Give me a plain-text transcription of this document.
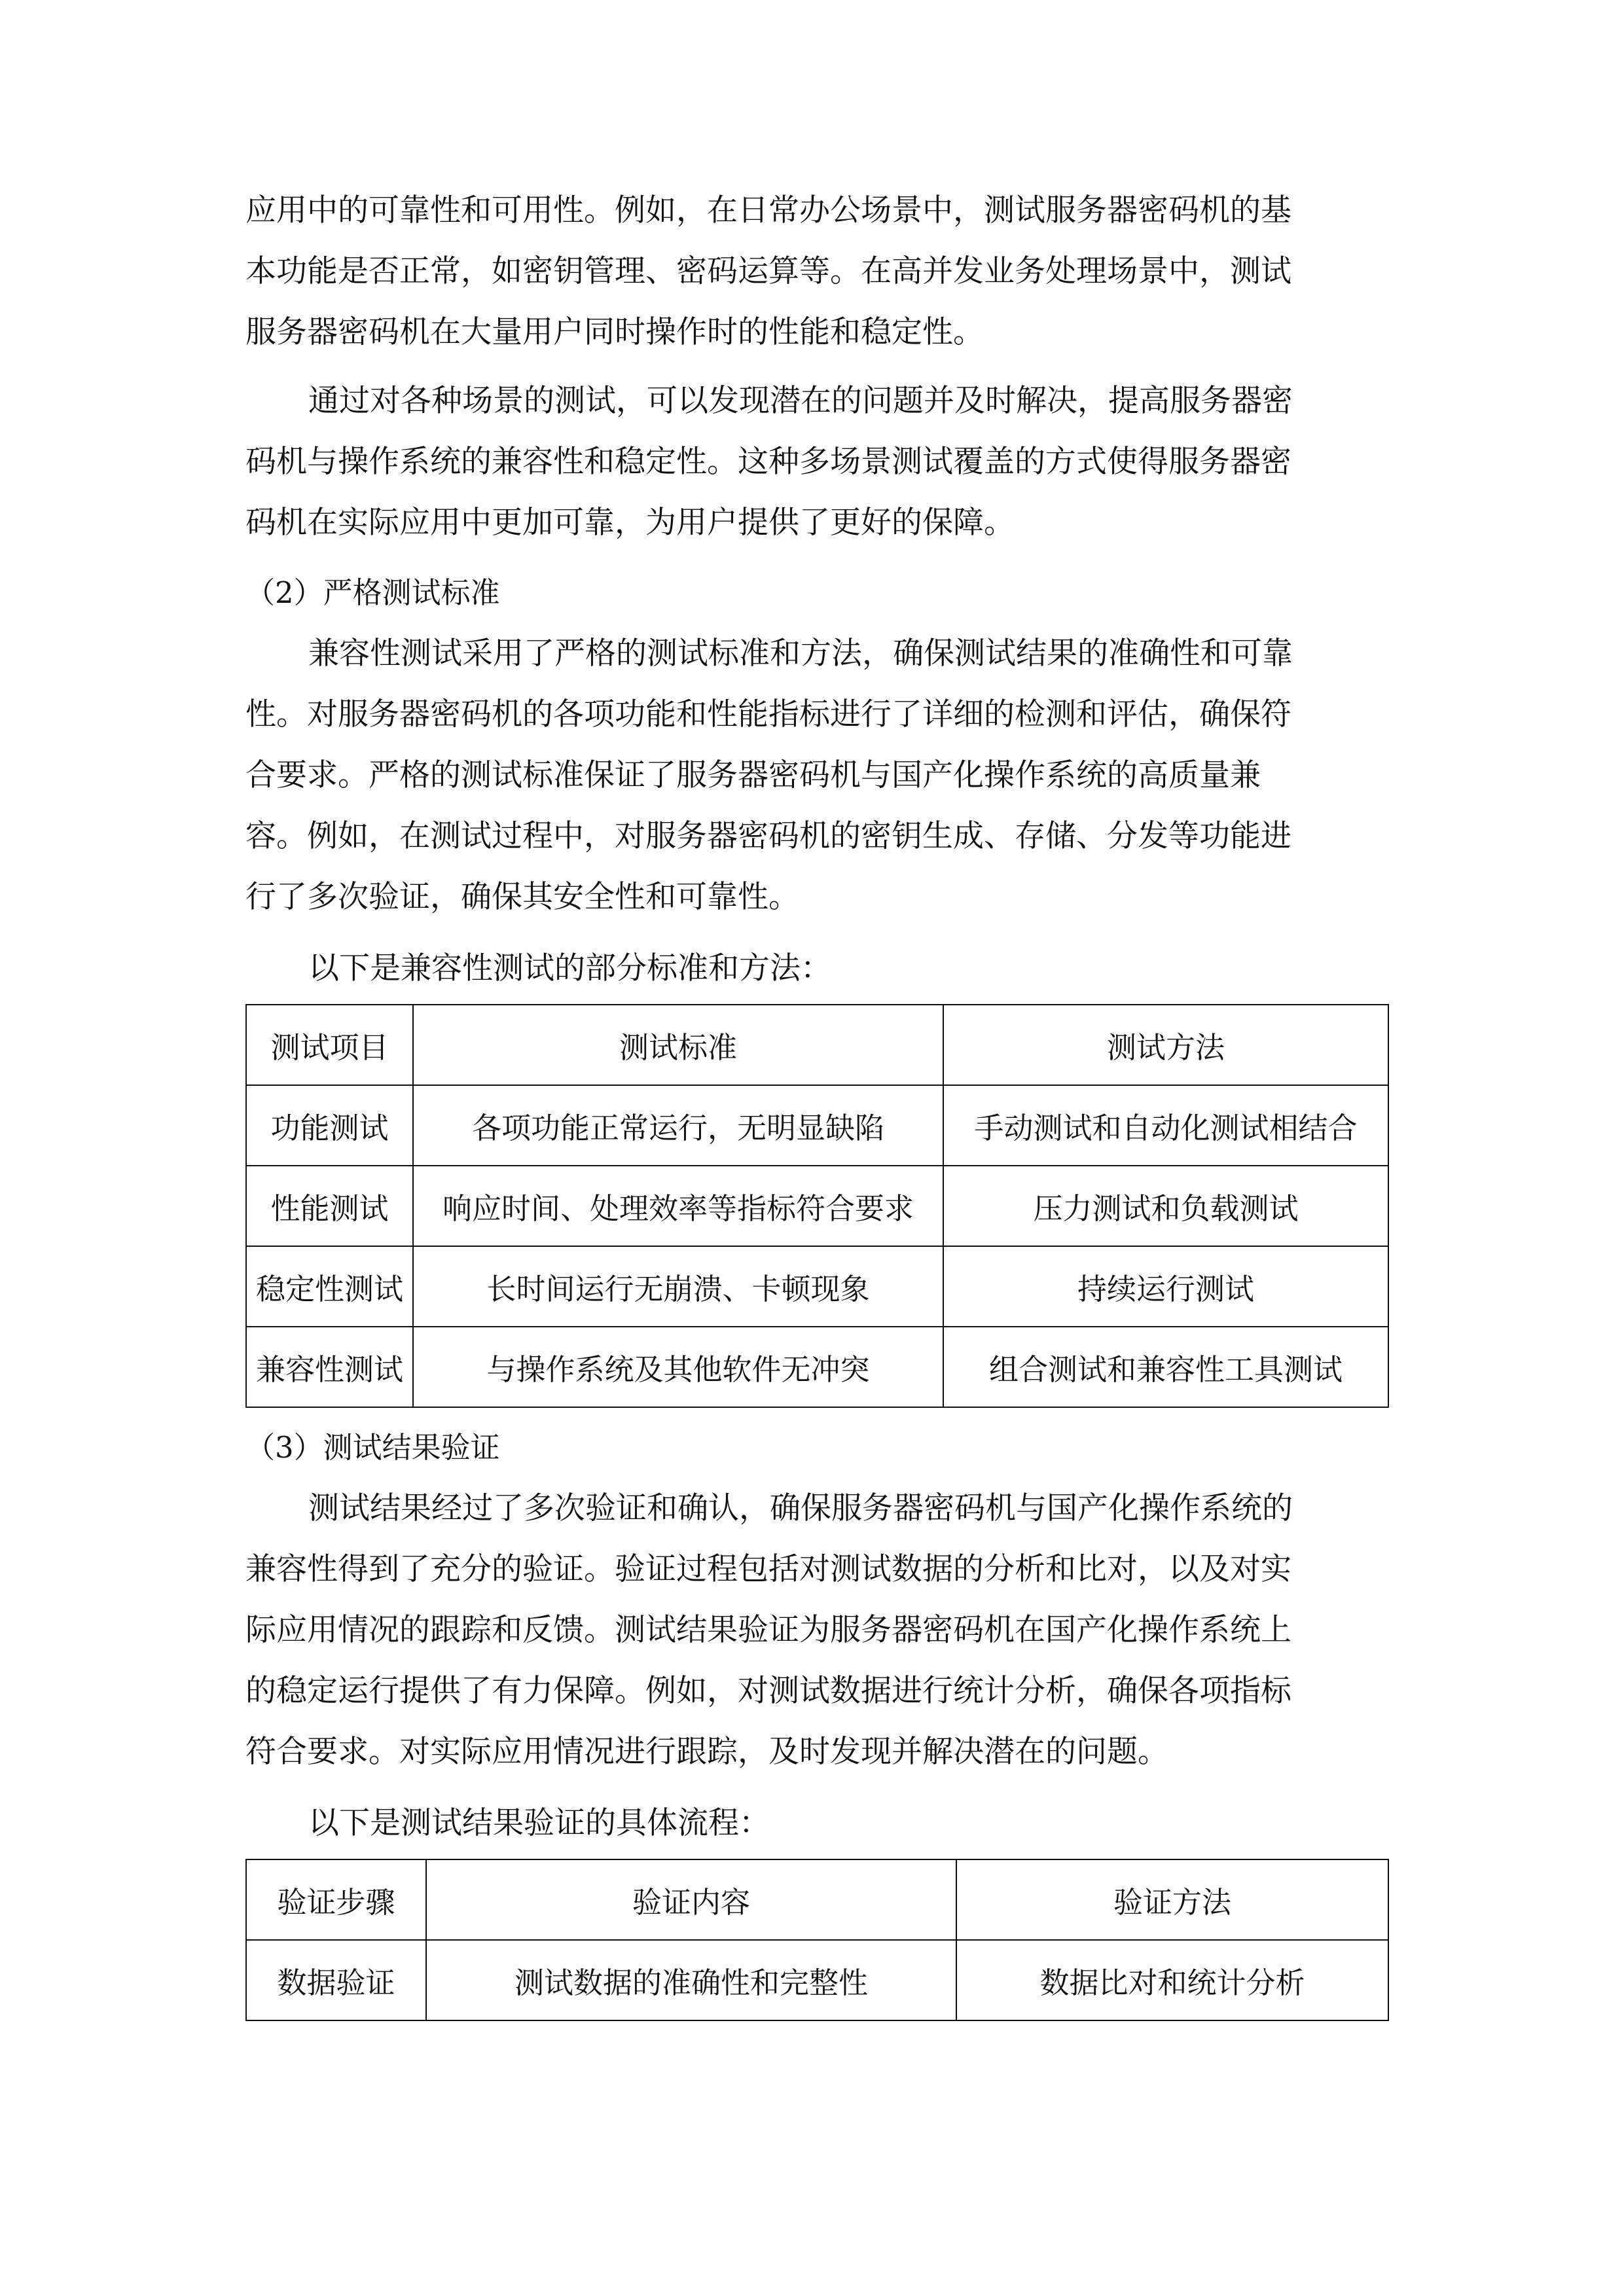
应用中的可靠性和可用性。例如，在日常办公场景中，测试服务器密码机的基
本功能是否正常，如密钥管理、密码运算等。在高并发业务处理场景中，测试
服务器密码机在大量用户同时操作时的性能和稳定性。

通过对各种场景的测试，可以发现潜在的问题并及时解决，提高服务器密
码机与操作系统的兼容性和稳定性。这种多场景测试覆盖的方式使得服务器密
码机在实际应用中更加可靠，为用户提供了更好的保障。

（2）严格测试标准

兼容性测试采用了严格的测试标准和方法，确保测试结果的准确性和可靠
性。对服务器密码机的各项功能和性能指标进行了详细的检测和评估，确保符
合要求。严格的测试标准保证了服务器密码机与国产化操作系统的高质量兼
容。例如，在测试过程中，对服务器密码机的密钥生成、存储、分发等功能进
行了多次验证，确保其安全性和可靠性。

以下是兼容性测试的部分标准和方法：

测试项目	测试标准	测试方法
功能测试	各项功能正常运行，无明显缺陷	手动测试和自动化测试相结合
性能测试	响应时间、处理效率等指标符合要求	压力测试和负载测试
稳定性测试	长时间运行无崩溃、卡顿现象	持续运行测试
兼容性测试	与操作系统及其他软件无冲突	组合测试和兼容性工具测试

（3）测试结果验证

测试结果经过了多次验证和确认，确保服务器密码机与国产化操作系统的
兼容性得到了充分的验证。验证过程包括对测试数据的分析和比对，以及对实
际应用情况的跟踪和反馈。测试结果验证为服务器密码机在国产化操作系统上
的稳定运行提供了有力保障。例如，对测试数据进行统计分析，确保各项指标
符合要求。对实际应用情况进行跟踪，及时发现并解决潜在的问题。

以下是测试结果验证的具体流程：

验证步骤	验证内容	验证方法
数据验证	测试数据的准确性和完整性	数据比对和统计分析
